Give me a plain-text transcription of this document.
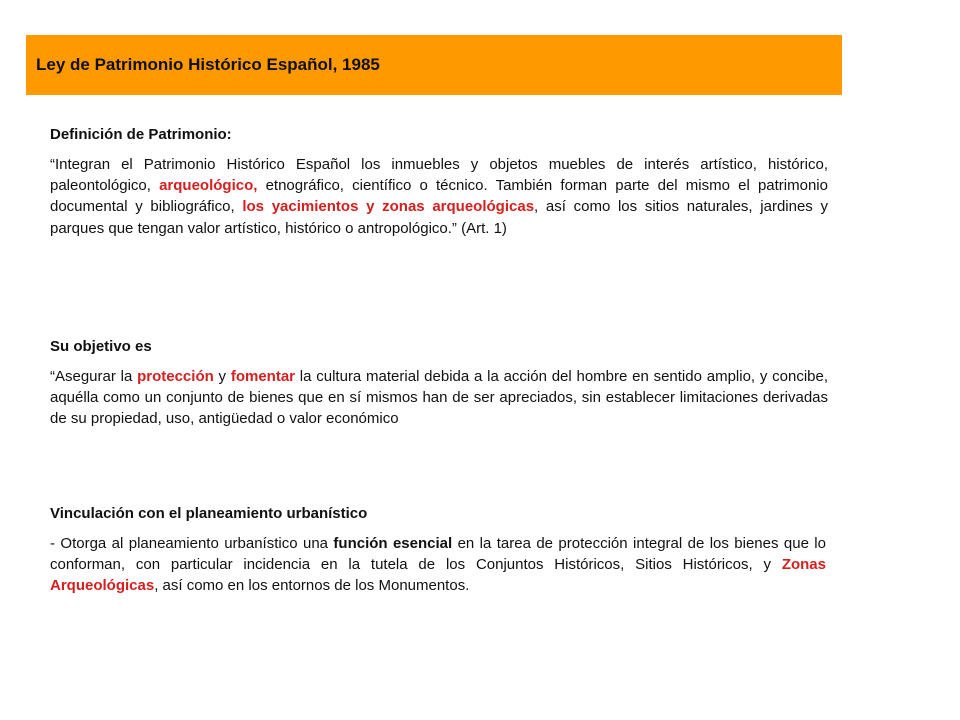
Ley de Patrimonio Histórico Español, 1985
Definición de Patrimonio:

“Integran el Patrimonio Histórico Español los inmuebles y objetos muebles de interés artístico, histórico, paleontológico, arqueológico, etnográfico, científico o técnico. También forman parte del mismo el patrimonio documental y bibliográfico, los yacimientos y zonas arqueológicas, así como los sitios naturales, jardines y parques que tengan valor artístico, histórico o antropológico.” (Art. 1)

Su objetivo es

“Asegurar la protección y fomentar la cultura material debida a la acción del hombre en sentido amplio, y concibe, aquélla como un conjunto de bienes que en sí mismos han de ser apreciados, sin establecer limitaciones derivadas de su propiedad, uso, antigüedad o valor económico

Vinculación con el planeamiento urbanístico

- Otorga al planeamiento urbanístico una función esencial en la tarea de protección integral de los bienes que lo conforman, con particular incidencia en la tutela de los Conjuntos Históricos, Sitios Históricos, y Zonas Arqueológicas, así como en los entornos de los Monumentos.
